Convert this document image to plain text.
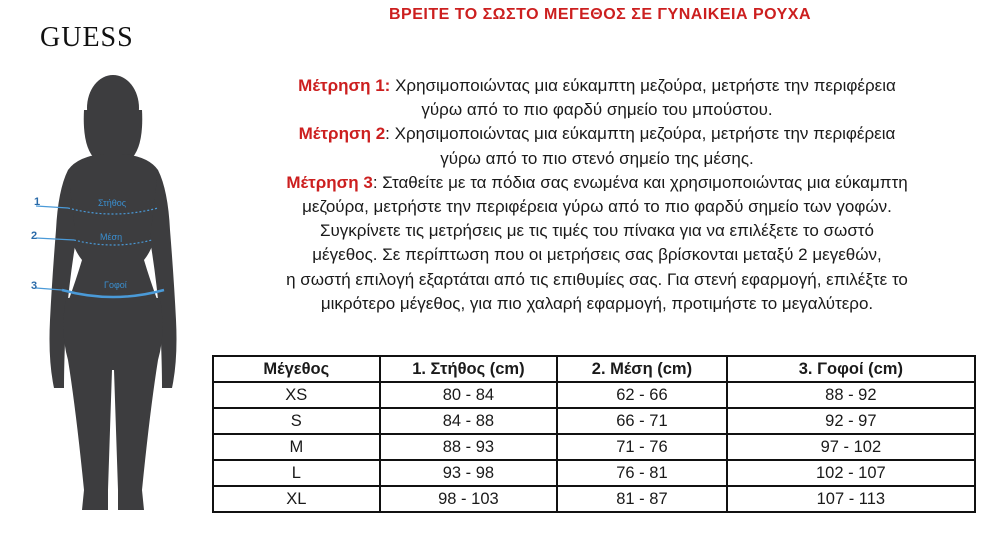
GUESS
ΒΡΕΙΤΕ ΤΟ ΣΩΣΤΟ ΜΕΓΕΘΟΣ ΣΕ ΓΥΝΑΙΚΕΙΑ ΡΟΥΧΑ
Μέτρηση 1: Χρησιμοποιώντας μια εύκαμπτη μεζούρα, μετρήστε την περιφέρεια
γύρω από το πιο φαρδύ σημείο του μπούστου.
Μέτρηση 2: Χρησιμοποιώντας μια εύκαμπτη μεζούρα, μετρήστε την περιφέρεια
γύρω από το πιο στενό σημείο της μέσης.
Μέτρηση 3: Σταθείτε με τα πόδια σας ενωμένα και χρησιμοποιώντας μια εύκαμπτη
μεζούρα, μετρήστε την περιφέρεια γύρω από το πιο φαρδύ σημείο των γοφών.
Συγκρίνετε τις μετρήσεις με τις τιμές του πίνακα για να επιλέξετε το σωστό
μέγεθος. Σε περίπτωση που οι μετρήσεις σας βρίσκονται μεταξύ 2 μεγεθών,
η σωστή επιλογή εξαρτάται από τις επιθυμίες σας. Για στενή εφαρμογή, επιλέξτε το
μικρότερο μέγεθος, για πιο χαλαρή εφαρμογή, προτιμήστε το μεγαλύτερο.
1
2
3
Στήθος
Μέση
Γοφοί
Μέγεθος	1. Στήθος (cm)	2. Μέση (cm)	3. Γοφοί (cm)
XS	80 - 84	62 - 66	88 - 92
S	84 - 88	66 - 71	92 - 97
M	88 - 93	71 - 76	97 - 102
L	93 - 98	76 - 81	102 - 107
XL	98 - 103	81 - 87	107 - 113
